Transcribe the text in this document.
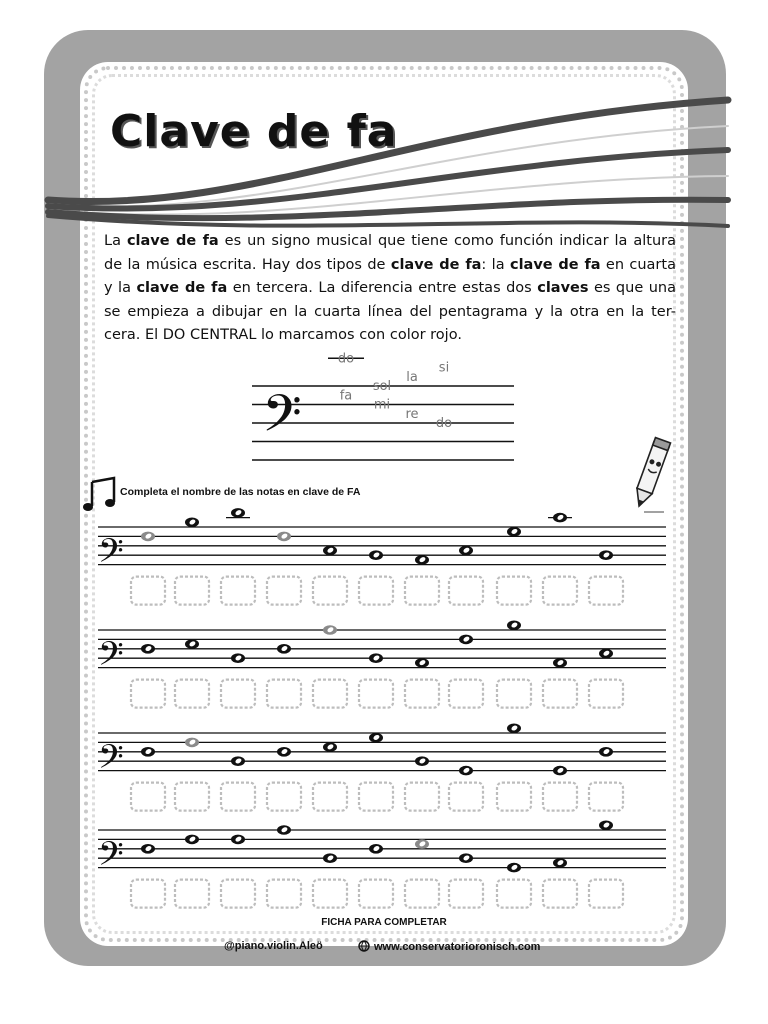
Clave de fa
La clave de fa es un signo musical que tiene como función indicar la altura de la música escrita. Hay dos tipos de clave de fa: la clave de fa en cuarta y la clave de fa en tercera. La diferencia entre estas dos claves es que una se empieza a dibujar en la cuarta línea del pentagrama y la otra en la ter- cera. El DO CENTRAL lo marcamos con color rojo.
𝄢
do
fa
sol
mi
la
re
si
do
Completa el nombre de las notas en clave de FA
𝄢
𝄢
𝄢
𝄢
FICHA PARA COMPLETAR
@piano.violin.Aleö	www.conservatorioronisch.com
